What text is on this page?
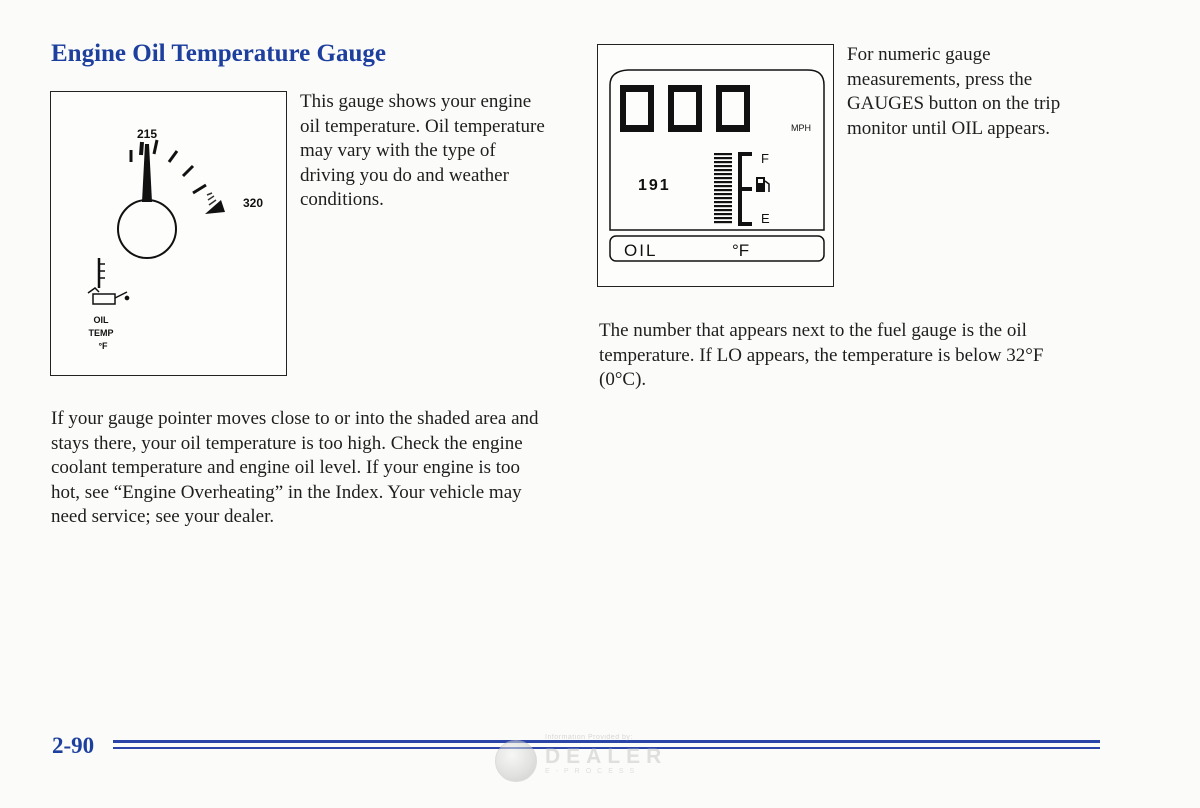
Engine Oil Temperature Gauge
215
320
OIL
TEMP
°F

This gauge shows your engine oil temperature. Oil temperature may vary with the type of driving you do and weather conditions.

If your gauge pointer moves close to or into the shaded area and stays there, your oil temperature is too high. Check the engine coolant temperature and engine oil level. If your engine is too hot, see “Engine Overheating” in the Index. Your vehicle may need service; see your dealer.

MPH
F
E
191
OIL	°F

For numeric gauge measurements, press the GAUGES button on the trip monitor until OIL appears.

The number that appears next to the fuel gauge is the oil temperature. If LO appears, the temperature is below 32°F (0°C).

2-90	Information Provided by:
DEALER
E-PROCESS
